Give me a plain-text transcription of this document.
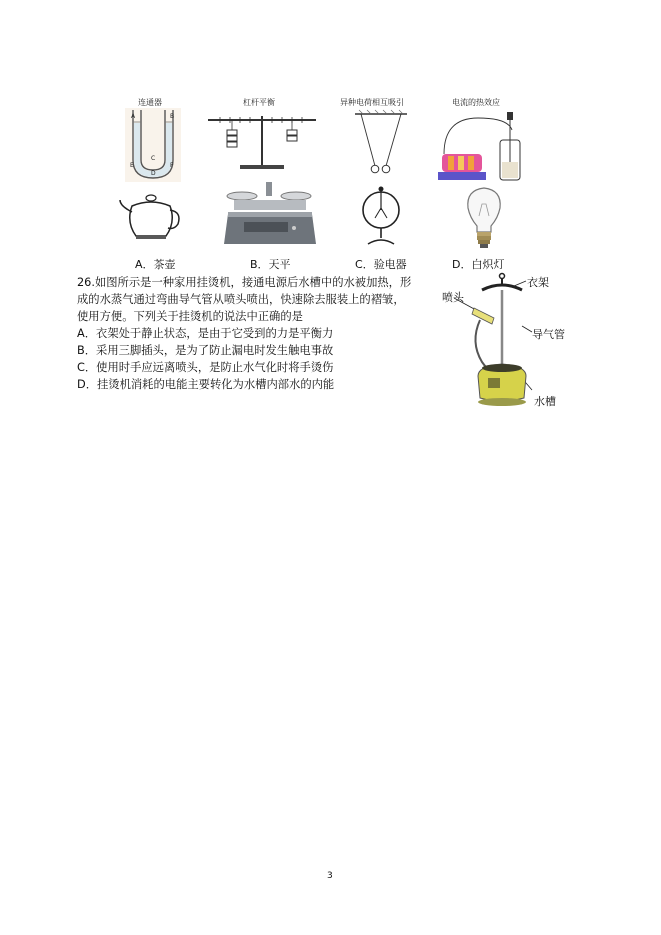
连通器	杠杆平衡	异种电荷相互吸引	电流的热效应
A	B
C
D
E	F
A．茶壶	B．天平	C．验电器	D．白炽灯
26.如图所示是一种家用挂烫机，接通电源后水槽中的水被加热，形
成的水蒸气通过弯曲导气管从喷头喷出，快速除去服装上的褶皱，
使用方便。下列关于挂烫机的说法中正确的是
A．衣架处于静止状态，是由于它受到的力是平衡力
B．采用三脚插头，是为了防止漏电时发生触电事故
C．使用时手应远离喷头，是防止水气化时将手烫伤
D．挂烫机消耗的电能主要转化为水槽内部水的内能
衣架
喷头
导气管
水槽
3
